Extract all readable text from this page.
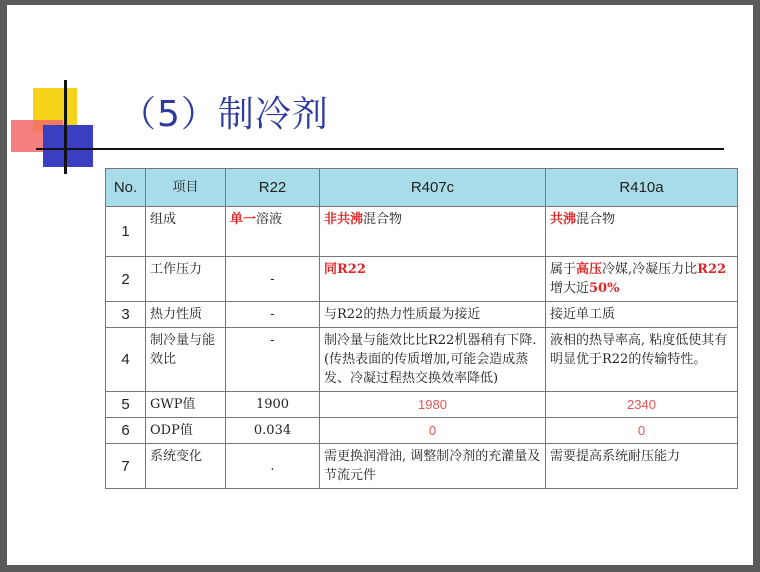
（5）制冷剂
No.	项目	R22	R407c	R410a
1	组成	单一溶液	非共沸混合物	共沸混合物
2	工作压力	-	同R22	属于高压冷媒,冷凝压力比R22增大近50%
3	热力性质	-	与R22的热力性质最为接近	接近单工质
4	制冷量与能效比	-	制冷量与能效比比R22机器稍有下降.(传热表面的传质增加,可能会造成蒸发、冷凝过程热交换效率降低)	液相的热导率高, 粘度低使其有明显优于R22的传输特性。
5	GWP值	1900	1980	2340
6	ODP值	0.034	0	0
7	系统变化	.	需更换润滑油, 调整制冷剂的充灌量及节流元件	需要提高系统耐压能力
